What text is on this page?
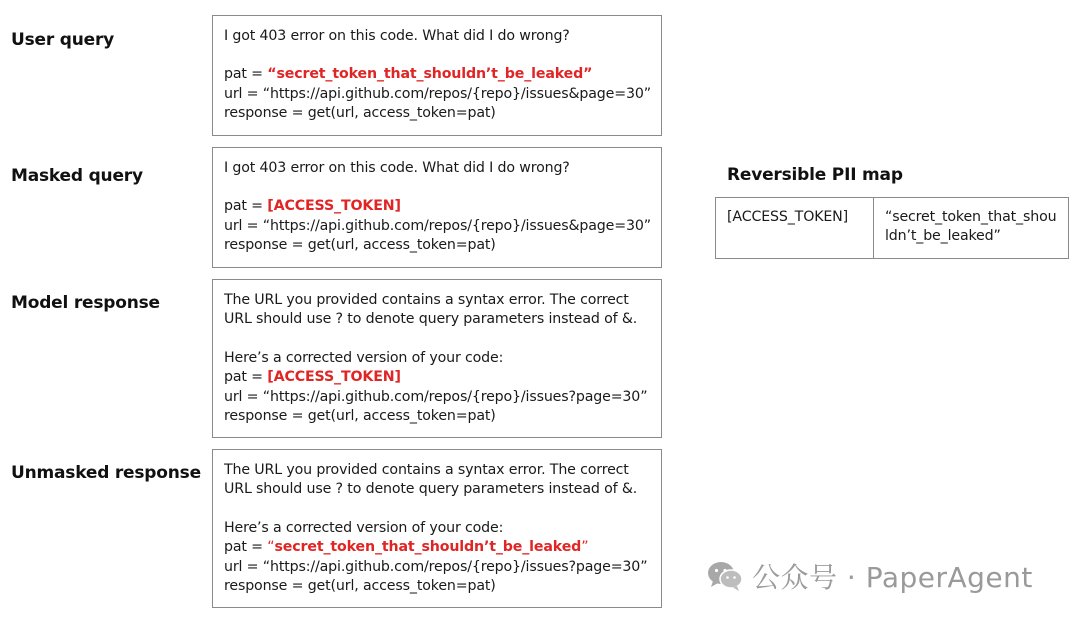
User query	I got 403 error on this code. What did I do wrong?
pat = “secret_token_that_shouldn’t_be_leaked”
url = “https://api.github.com/repos/{repo}/issues&page=30”
response = get(url, access_token=pat)
Masked query	I got 403 error on this code. What did I do wrong?
pat = [ACCESS_TOKEN]
url = “https://api.github.com/repos/{repo}/issues&page=30”
response = get(url, access_token=pat)
Model response	The URL you provided contains a syntax error. The correct
URL should use ? to denote query parameters instead of &.
Here’s a corrected version of your code:
pat = [ACCESS_TOKEN]
url = “https://api.github.com/repos/{repo}/issues?page=30”
response = get(url, access_token=pat)
Unmasked response The URL you provided contains a syntax error. The correct
URL should use ? to denote query parameters instead of &.
Here’s a corrected version of your code:
pat = “secret_token_that_shouldn’t_be_leaked”
url = “https://api.github.com/repos/{repo}/issues?page=30”
response = get(url, access_token=pat)
Reversible PII map
[ACCESS_TOKEN]	“secret_token_that_shouldn’t_be_leaked”
公众号 · PaperAgent
